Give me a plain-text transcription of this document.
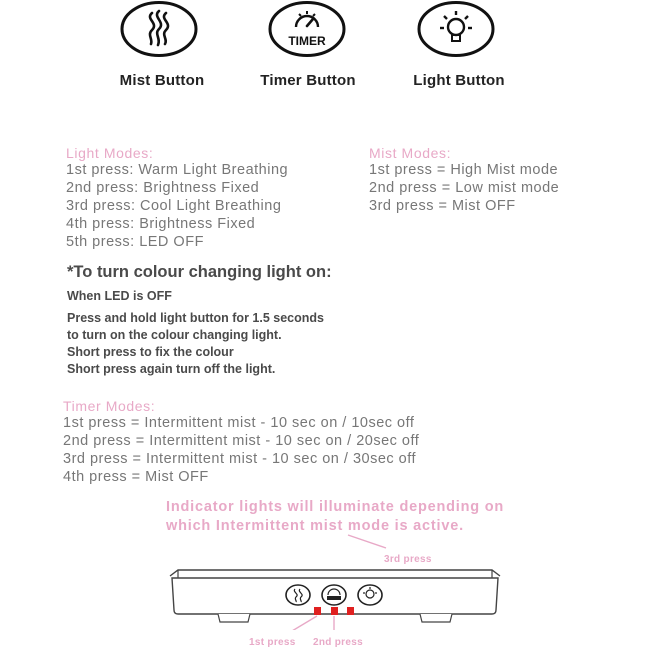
TIMER
Mist Button	Timer Button	Light Button
Light Modes:
1st press: Warm Light Breathing
2nd press: Brightness Fixed
3rd press: Cool Light Breathing
4th press: Brightness Fixed
5th press: LED OFF
Mist Modes:
1st press = High Mist mode
2nd press = Low mist mode
3rd press = Mist OFF
*To turn colour changing light on:
When LED is OFF
Press and hold light button for 1.5 seconds
to turn on the colour changing light.
Short press to fix the colour
Short press again turn off the light.
Timer Modes:
1st press = Intermittent mist - 10 sec on / 10sec off
2nd press = Intermittent mist - 10 sec on / 20sec off
3rd press = Intermittent mist - 10 sec on / 30sec off
4th press = Mist OFF
Indicator lights will illuminate depending on
which Intermittent mist mode is active.
3rd press
1st press 2nd press
